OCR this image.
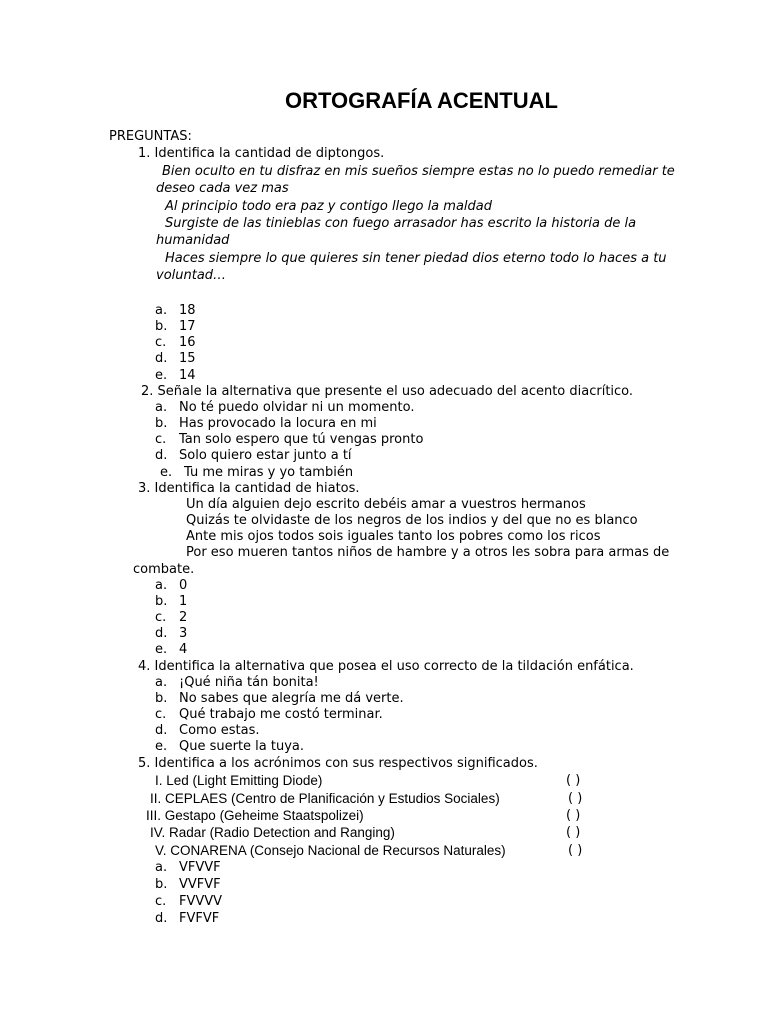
ORTOGRAFÍA ACENTUAL
PREGUNTAS:
1. Identifica la cantidad de diptongos.
Bien oculto en tu disfraz en mis sueños siempre estas no lo puedo remediar te
deseo cada vez mas
Al principio todo era paz y contigo llego la maldad
Surgiste de las tinieblas con fuego arrasador has escrito la historia de la
humanidad
Haces siempre lo que quieres sin tener piedad dios eterno todo lo haces a tu
voluntad…
a. 18
b. 17
c. 16
d. 15
e. 14
2. Señale la alternativa que presente el uso adecuado del acento diacrítico.
a. No té puedo olvidar ni un momento.
b. Has provocado la locura en mi
c. Tan solo espero que tú vengas pronto
d. Solo quiero estar junto a tí
e. Tu me miras y yo también
3. Identifica la cantidad de hiatos.
Un día alguien dejo escrito debéis amar a vuestros hermanos
Quizás te olvidaste de los negros de los indios y del que no es blanco
Ante mis ojos todos sois iguales tanto los pobres como los ricos
Por eso mueren tantos niños de hambre y a otros les sobra para armas de
combate.
a. 0
b. 1
c. 2
d. 3
e. 4
4. Identifica la alternativa que posea el uso correcto de la tildación enfática.
a. ¡Qué niña tán bonita!
b. No sabes que alegría me dá verte.
c. Qué trabajo me costó terminar.
d. Como estas.
e. Que suerte la tuya.
5. Identifica a los acrónimos con sus respectivos significados.
I. Led (Light Emitting Diode)	( )
II. CEPLAES (Centro de Planificación y Estudios Sociales)	( )
III. Gestapo (Geheime Staatspolizei)	( )
IV. Radar (Radio Detection and Ranging)	( )
V. CONARENA (Consejo Nacional de Recursos Naturales)	( )
a. VFVVF
b. VVFVF
c. FVVVV
d. FVFVF
